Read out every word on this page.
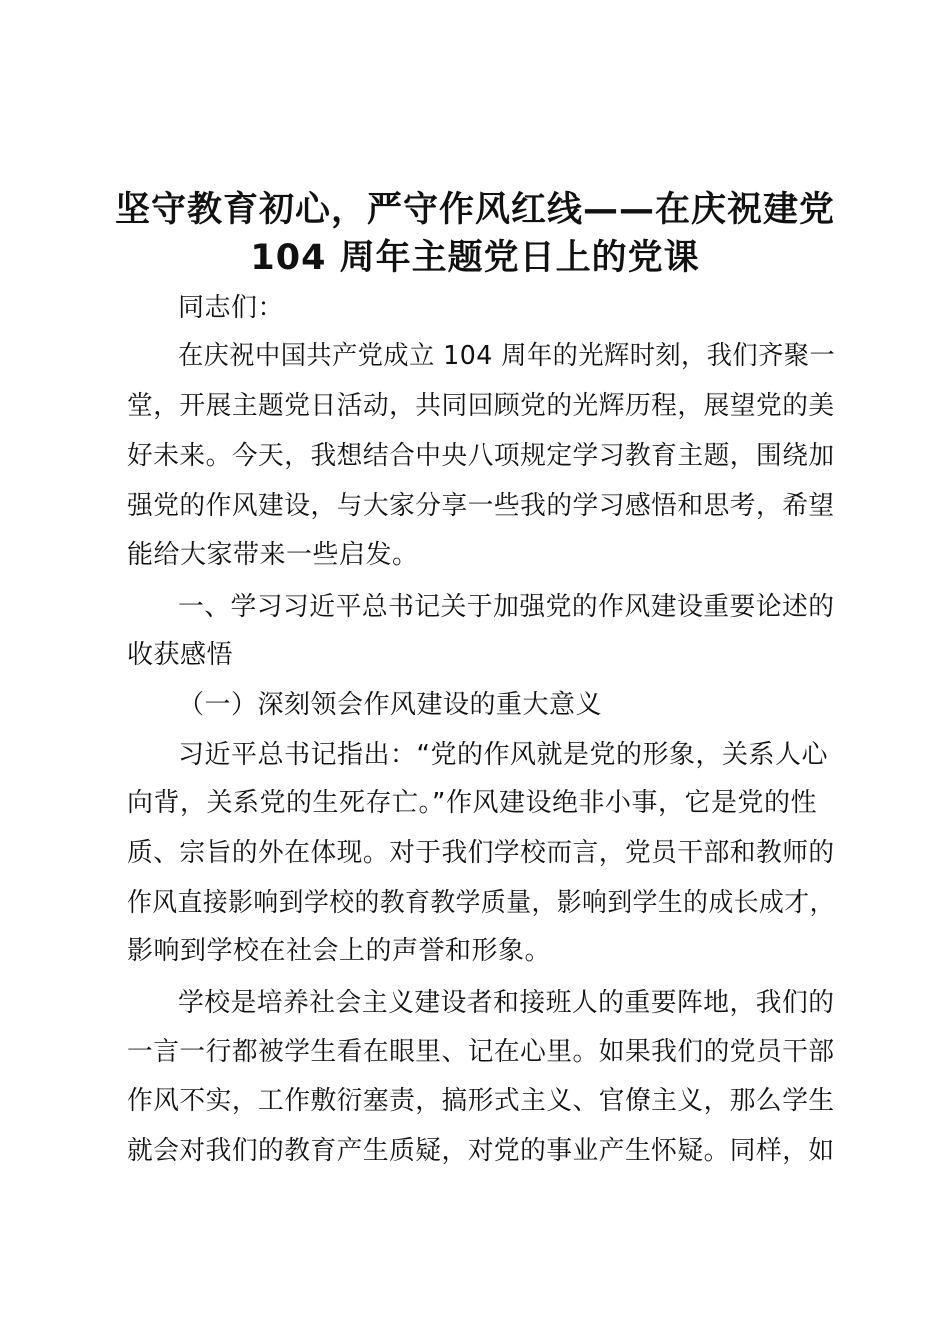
坚守教育初心，严守作风红线——在庆祝建党
104 周年主题党日上的党课
同志们：
在庆祝中国共产党成立 104 周年的光辉时刻，我们齐聚一
堂，开展主题党日活动，共同回顾党的光辉历程，展望党的美
好未来。今天，我想结合中央八项规定学习教育主题，围绕加
强党的作风建设，与大家分享一些我的学习感悟和思考，希望
能给大家带来一些启发。
一、学习习近平总书记关于加强党的作风建设重要论述的
收获感悟
（一）深刻领会作风建设的重大意义
习近平总书记指出：“党的作风就是党的形象，关系人心
向背，关系党的生死存亡。”作风建设绝非小事，它是党的性
质、宗旨的外在体现。对于我们学校而言，党员干部和教师的
作风直接影响到学校的教育教学质量，影响到学生的成长成才，
影响到学校在社会上的声誉和形象。
学校是培养社会主义建设者和接班人的重要阵地，我们的
一言一行都被学生看在眼里、记在心里。如果我们的党员干部
作风不实，工作敷衍塞责，搞形式主义、官僚主义，那么学生
就会对我们的教育产生质疑，对党的事业产生怀疑。同样，如
